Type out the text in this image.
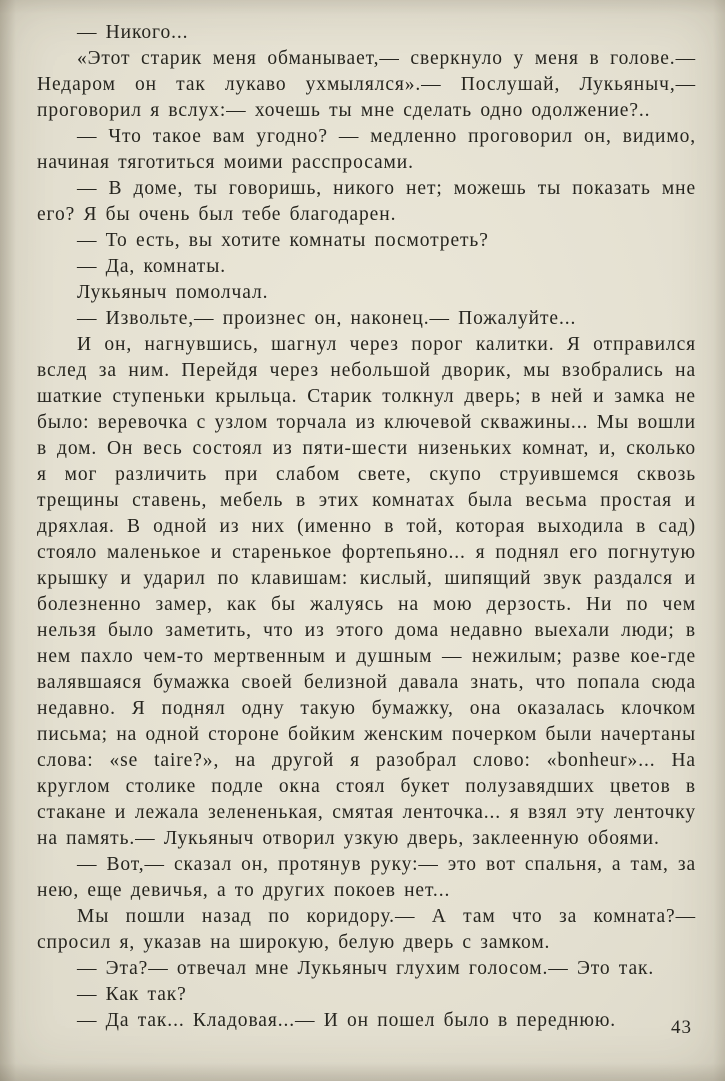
— Никого...

«Этот старик меня обманывает,— сверкнуло у меня в голове.— Недаром он так лукаво ухмылялся».— Послушай, Лукьяныч,— проговорил я вслух:— хочешь ты мне сделать одно одолжение?..

— Что такое вам угодно? — медленно проговорил он, видимо, начиная тяготиться моими расспросами.

— В доме, ты говоришь, никого нет; можешь ты показать мне его? Я бы очень был тебе благодарен.

— То есть, вы хотите комнаты посмотреть?

— Да, комнаты.

Лукьяныч помолчал.

— Извольте,— произнес он, наконец.— Пожалуйте...

И он, нагнувшись, шагнул через порог калитки. Я отправился вслед за ним. Перейдя через небольшой дворик, мы взобрались на шаткие ступеньки крыльца. Старик толкнул дверь; в ней и замка не было: веревочка с узлом торчала из ключевой скважины... Мы вошли в дом. Он весь состоял из пяти-шести низеньких комнат, и, сколько я мог различить при слабом свете, скупо струившемся сквозь трещины ставень, мебель в этих комнатах была весьма простая и дряхлая. В одной из них (именно в той, которая выходила в сад) стояло маленькое и старенькое фортепьяно... я поднял его погнутую крышку и ударил по клавишам: кислый, шипящий звук раздался и болезненно замер, как бы жалуясь на мою дерзость. Ни по чем нельзя было заметить, что из этого дома недавно выехали люди; в нем пахло чем-то мертвенным и душным — нежилым; разве кое-где валявшаяся бумажка своей белизной давала знать, что попала сюда недавно. Я поднял одну такую бумажку, она оказалась клочком письма; на одной стороне бойким женским почерком были начертаны слова: «se taire?», на другой я разобрал слово: «bonheur»... На круглом столике подле окна стоял букет полузавядших цветов в стакане и лежала зелененькая, смятая ленточка... я взял эту ленточку на память.— Лукьяныч отворил узкую дверь, заклеенную обоями.

— Вот,— сказал он, протянув руку:— это вот спальня, а там, за нею, еще девичья, а то других покоев нет...

Мы пошли назад по коридору.— А там что за комната?— спросил я, указав на широкую, белую дверь с замком.

— Эта?— отвечал мне Лукьяныч глухим голосом.— Это так.

— Как так?

— Да так... Кладовая...— И он пошел было в переднюю.	43
